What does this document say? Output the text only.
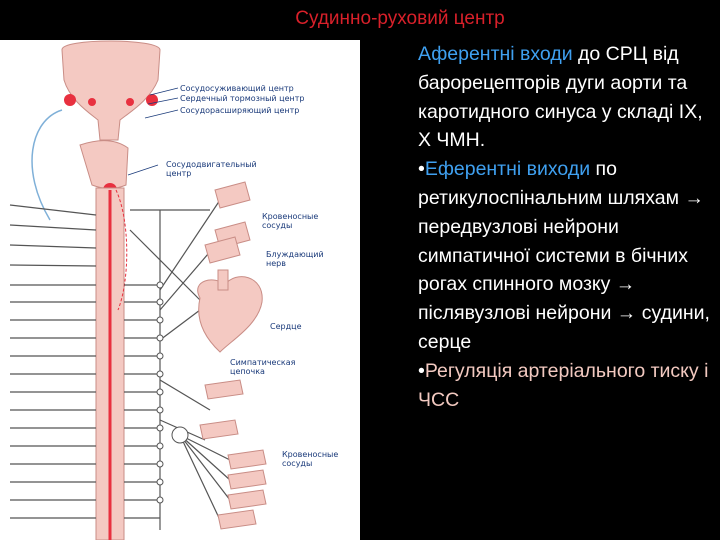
Судинно-руховий центр
Сосудосуживающий центр
Сердечный тормозный центр
Сосудорасширяющий центр
Сосудодвигательный центр
Кровеносные сосуды
Блуждающий нерв
Сердце
Симпатическая цепочка
Кровеносные сосуды
Аферентні входи до СРЦ від барорецепторів дуги аорти та каротидного синуса у складі IX, X ЧМН.
•Еферентні виходи по ретикулоспінальним шляхам → передвузлові нейрони симпатичної системи в бічних рогах спинного мозку → післявузлові нейрони → судини, серце
•Регуляція артеріального тиску і ЧСС
